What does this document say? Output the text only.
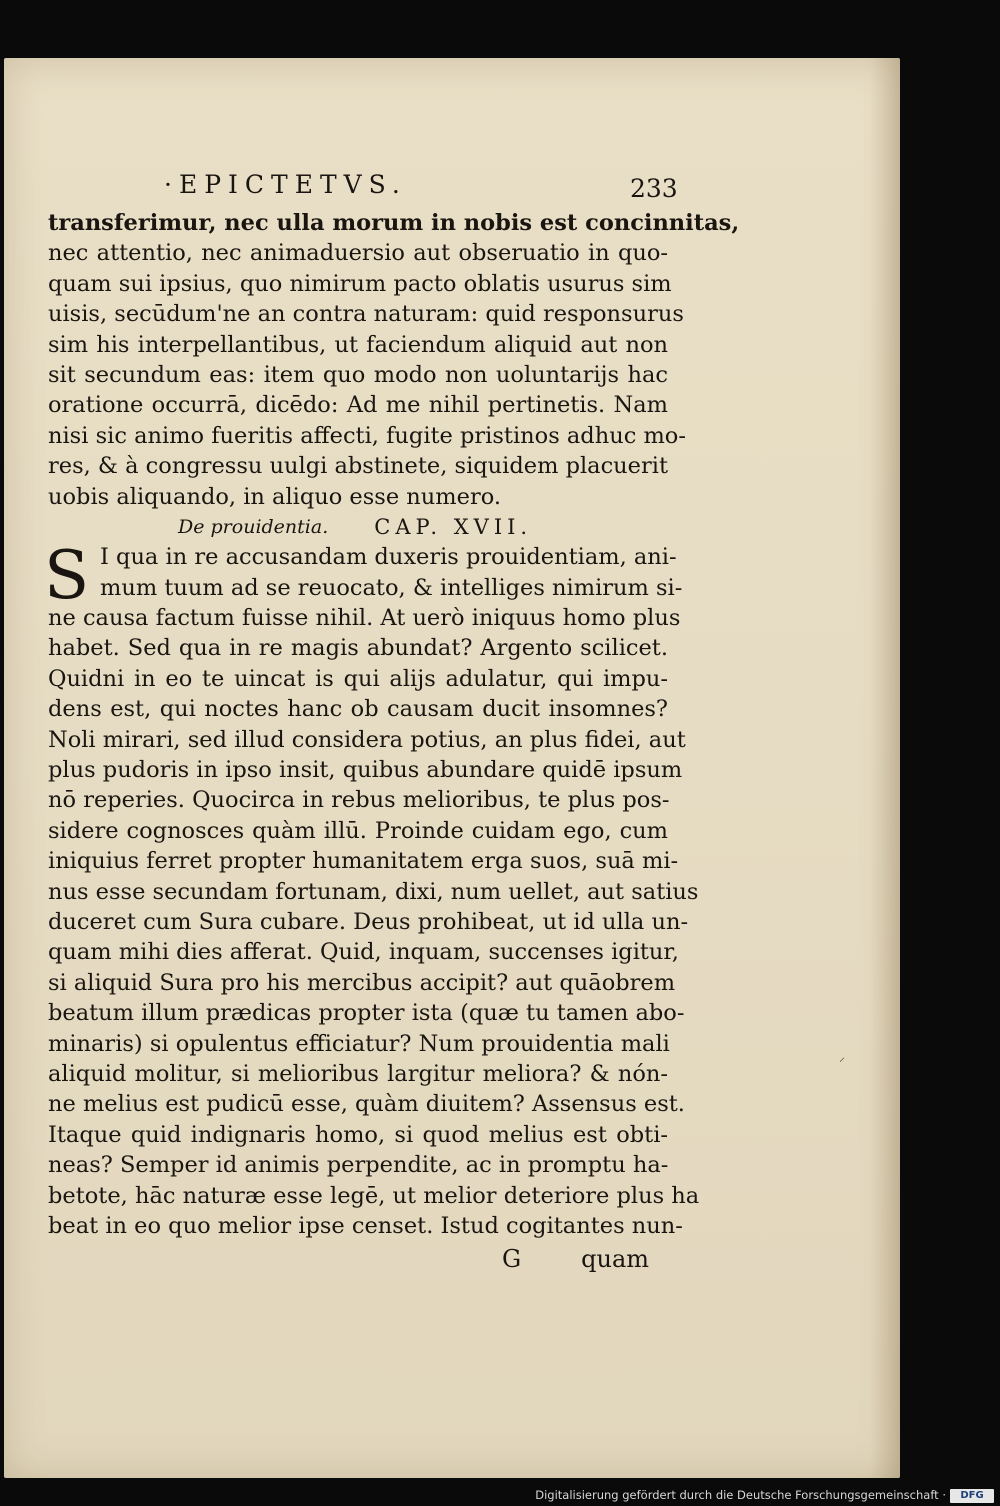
·EPICTETVS.	233
transferimur, nec ulla morum in nobis est concinnitas,
nec attentio, nec animaduersio aut obseruatio in quo-
quam sui ipsius, quo nimirum pacto oblatis usurus sim
uisis, secūdum'ne an contra naturam: quid responsurus
sim his interpellantibus, ut faciendum aliquid aut non
sit secundum eas: item quo modo non uoluntarijs hac
oratione occurrā, dicēdo: Ad me nihil pertinetis. Nam
nisi sic animo fueritis affecti, fugite pristinos adhuc mo-
res, & à congressu uulgi abstinete, siquidem placuerit
uobis aliquando, in aliquo esse numero.
De prouidentia. CAP. XVII.
S I qua in re accusandam duxeris prouidentiam, ani-
mum tuum ad se reuocato, & intelliges nimirum si-
ne causa factum fuisse nihil. At uerò iniquus homo plus
habet. Sed qua in re magis abundat? Argento scilicet.
Quidni in eo te uincat is qui alijs adulatur, qui impu-
dens est, qui noctes hanc ob causam ducit insomnes?
Noli mirari, sed illud considera potius, an plus fidei, aut
plus pudoris in ipso insit, quibus abundare quidē ipsum
nō reperies. Quocirca in rebus melioribus, te plus pos-
sidere cognosces quàm illū. Proinde cuidam ego, cum
iniquius ferret propter humanitatem erga suos, suā mi-
nus esse secundam fortunam, dixi, num uellet, aut satius
duceret cum Sura cubare. Deus prohibeat, ut id ulla un-
quam mihi dies afferat. Quid, inquam, succenses igitur,
si aliquid Sura pro his mercibus accipit? aut quāobrem
beatum illum prædicas propter ista (quæ tu tamen abo-
minaris) si opulentus efficiatur? Num prouidentia mali
aliquid molitur, si melioribus largitur meliora? & nón-
ne melius est pudicū esse, quàm diuitem? Assensus est.
Itaque quid indignaris homo, si quod melius est obti-
neas? Semper id animis perpendite, ac in promptu ha-
betote, hāc naturæ esse legē, ut melior deteriore plus ha
beat in eo quo melior ipse censet. Istud cogitantes nun-
G	quam
⸝
Digitalisierung gefördert durch die Deutsche Forschungsgemeinschaft ·	DFG
